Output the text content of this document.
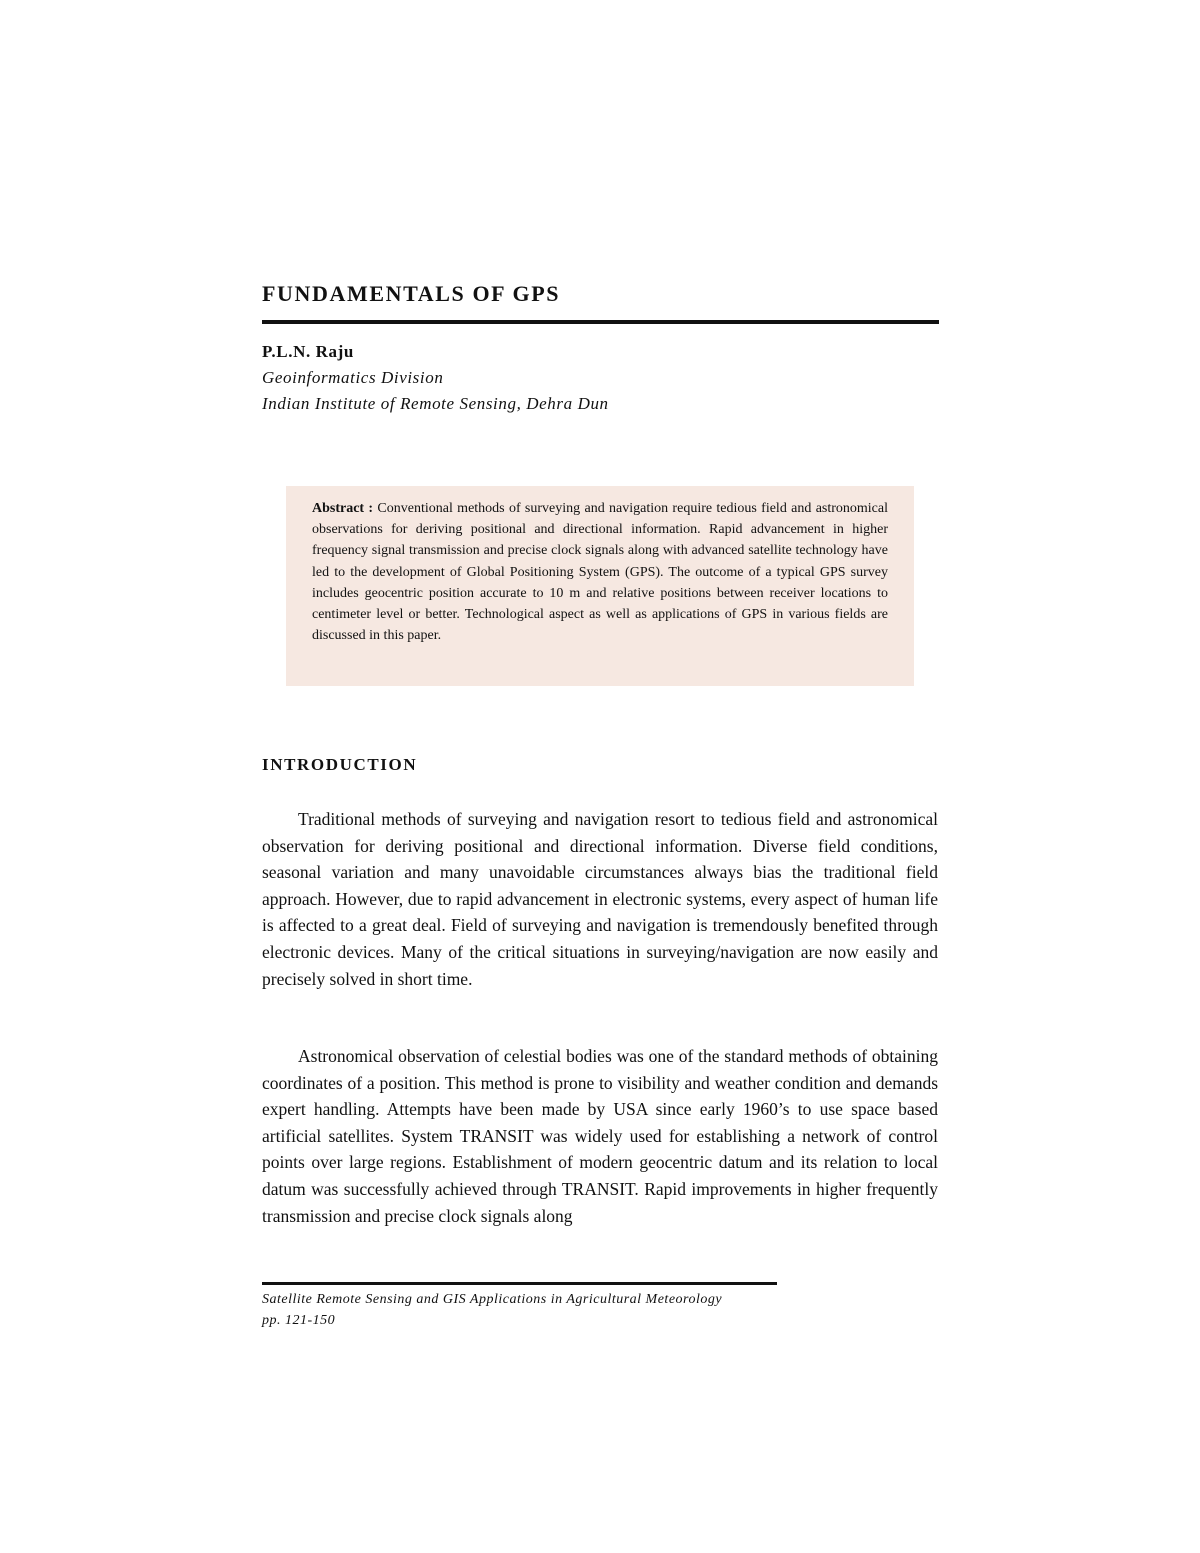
FUNDAMENTALS OF GPS
P.L.N. Raju
Geoinformatics Division
Indian Institute of Remote Sensing, Dehra Dun
Abstract : Conventional methods of surveying and navigation require tedious field and astronomical observations for deriving positional and directional information. Rapid advancement in higher frequency signal transmission and precise clock signals along with advanced satellite technology have led to the development of Global Positioning System (GPS). The outcome of a typical GPS survey includes geocentric position accurate to 10 m and relative positions between receiver locations to centimeter level or better. Technological aspect as well as applications of GPS in various fields are discussed in this paper.
INTRODUCTION

Traditional methods of surveying and navigation resort to tedious field and astronomical observation for deriving positional and directional information. Diverse field conditions, seasonal variation and many unavoidable circumstances always bias the traditional field approach. However, due to rapid advancement in electronic systems, every aspect of human life is affected to a great deal. Field of surveying and navigation is tremendously benefited through electronic devices. Many of the critical situations in surveying/navigation are now easily and precisely solved in short time.

Astronomical observation of celestial bodies was one of the standard methods of obtaining coordinates of a position. This method is prone to visibility and weather condition and demands expert handling. Attempts have been made by USA since early 1960’s to use space based artificial satellites. System TRANSIT was widely used for establishing a network of control points over large regions. Establishment of modern geocentric datum and its relation to local datum was successfully achieved through TRANSIT. Rapid improvements in higher frequently transmission and precise clock signals along

Satellite Remote Sensing and GIS Applications in Agricultural Meteorology
pp. 121-150
